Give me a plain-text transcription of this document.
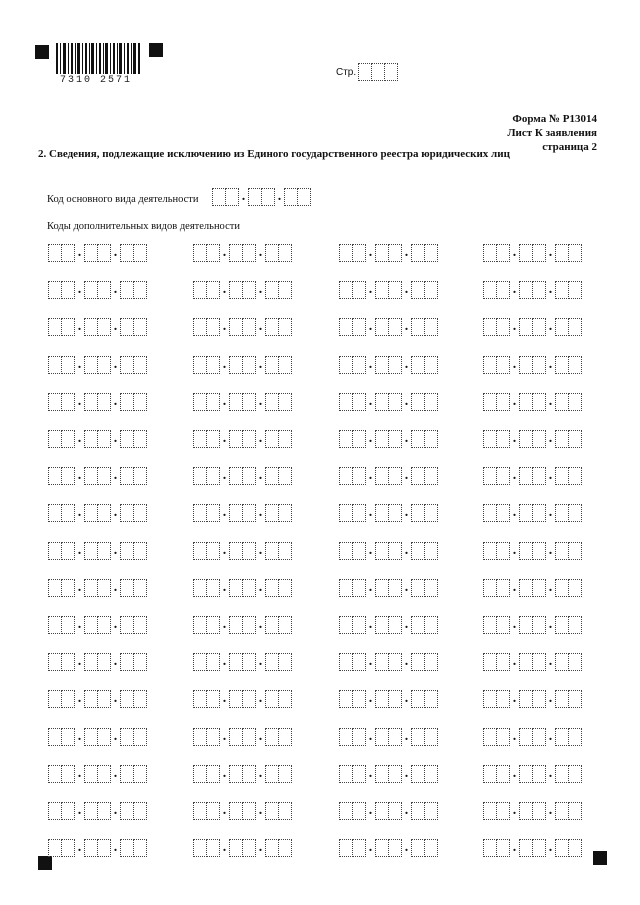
7310 2571
Стр.
Форма № Р13014
Лист К заявления
страница 2
2. Сведения, подлежащие исключению из Единого государственного реестра юридических лиц
Код основного вида деятельности	. .
Коды дополнительных видов деятельности
. .	. .	. .	. .
. .	. .	. .	. .
. .	. .	. .	. .
. .	. .	. .	. .
. .	. .	. .	. .
. .	. .	. .	. .
. .	. .	. .	. .
. .	. .	. .	. .
. .	. .	. .	. .
. .	. .	. .	. .
. .	. .	. .	. .
. .	. .	. .	. .
. .	. .	. .	. .
. .	. .	. .	. .
. .	. .	. .	. .
. .	. .	. .	. .
. .	. .	. .	. .
